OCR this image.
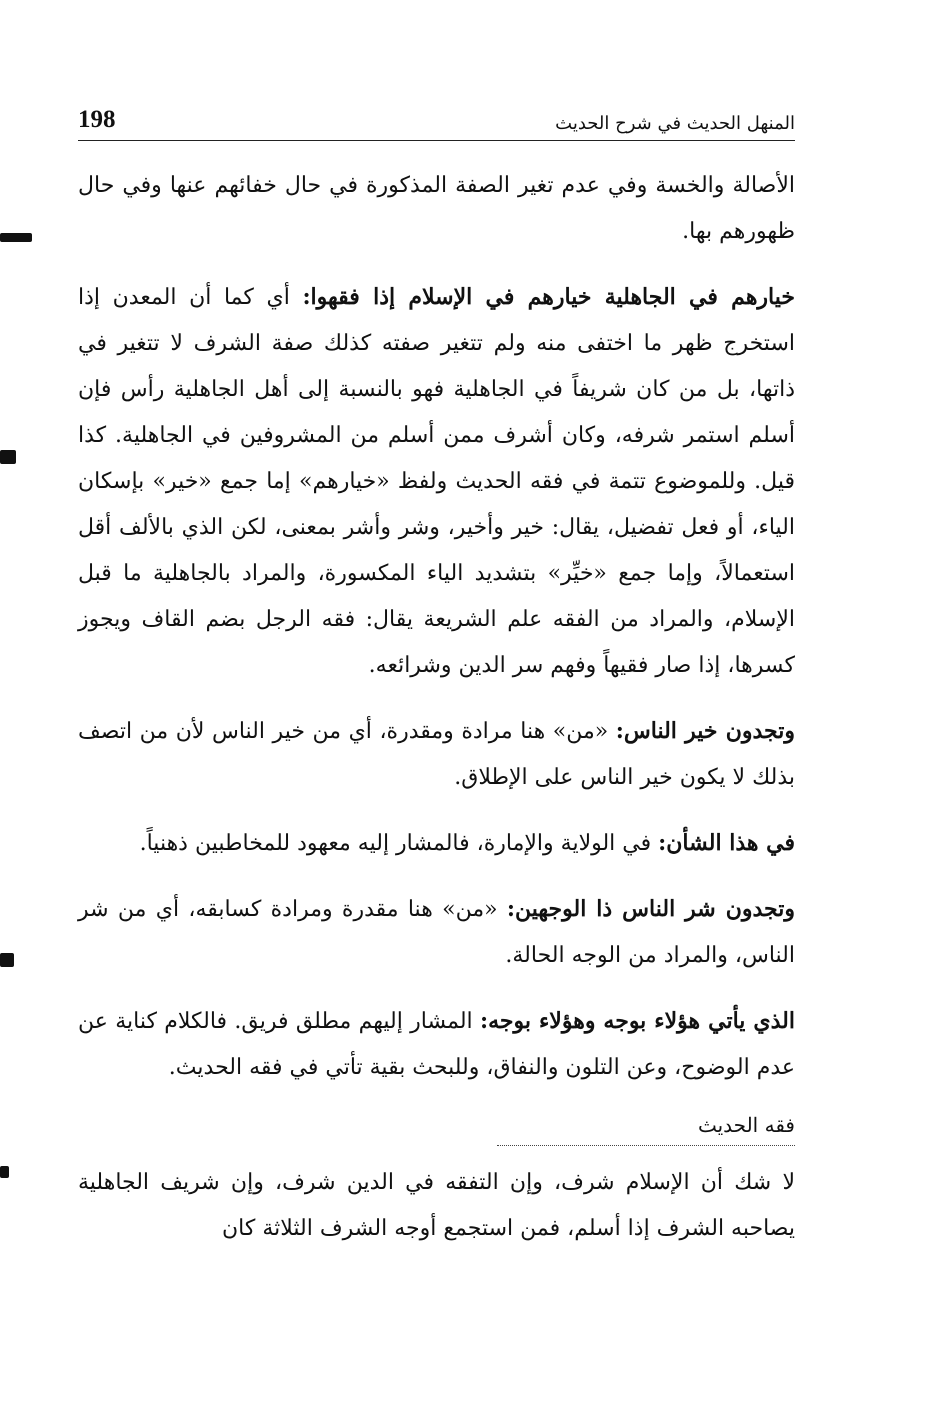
المنهل الحديث في شرح الحديث
198

الأصالة والخسة وفي عدم تغير الصفة المذكورة في حال خفائهم عنها وفي حال ظهورهم بها.

خيارهم في الجاهلية خيارهم في الإسلام إذا فقهوا: أي كما أن المعدن إذا استخرج ظهر ما اختفى منه ولم تتغير صفته كذلك صفة الشرف لا تتغير في ذاتها، بل من كان شريفاً في الجاهلية فهو بالنسبة إلى أهل الجاهلية رأس فإن أسلم استمر شرفه، وكان أشرف ممن أسلم من المشروفين في الجاهلية. كذا قيل. وللموضوع تتمة في فقه الحديث ولفظ «خيارهم» إما جمع «خير» بإسكان الياء، أو فعل تفضيل، يقال: خير وأخير، وشر وأشر بمعنى، لكن الذي بالألف أقل استعمالاً، وإما جمع «خيِّر» بتشديد الياء المكسورة، والمراد بالجاهلية ما قبل الإسلام، والمراد من الفقه علم الشريعة يقال: فقه الرجل بضم القاف ويجوز كسرها، إذا صار فقيهاً وفهم سر الدين وشرائعه.

وتجدون خير الناس: «من» هنا مرادة ومقدرة، أي من خير الناس لأن من اتصف بذلك لا يكون خير الناس على الإطلاق.

في هذا الشأن: في الولاية والإمارة، فالمشار إليه معهود للمخاطبين ذهنياً.

وتجدون شر الناس ذا الوجهين: «من» هنا مقدرة ومرادة كسابقه، أي من شر الناس، والمراد من الوجه الحالة.

الذي يأتي هؤلاء بوجه وهؤلاء بوجه: المشار إليهم مطلق فريق. فالكلام كناية عن عدم الوضوح، وعن التلون والنفاق، وللبحث بقية تأتي في فقه الحديث.

فقه الحديث

لا شك أن الإسلام شرف، وإن التفقه في الدين شرف، وإن شريف الجاهلية يصاحبه الشرف إذا أسلم، فمن استجمع أوجه الشرف الثلاثة كان
